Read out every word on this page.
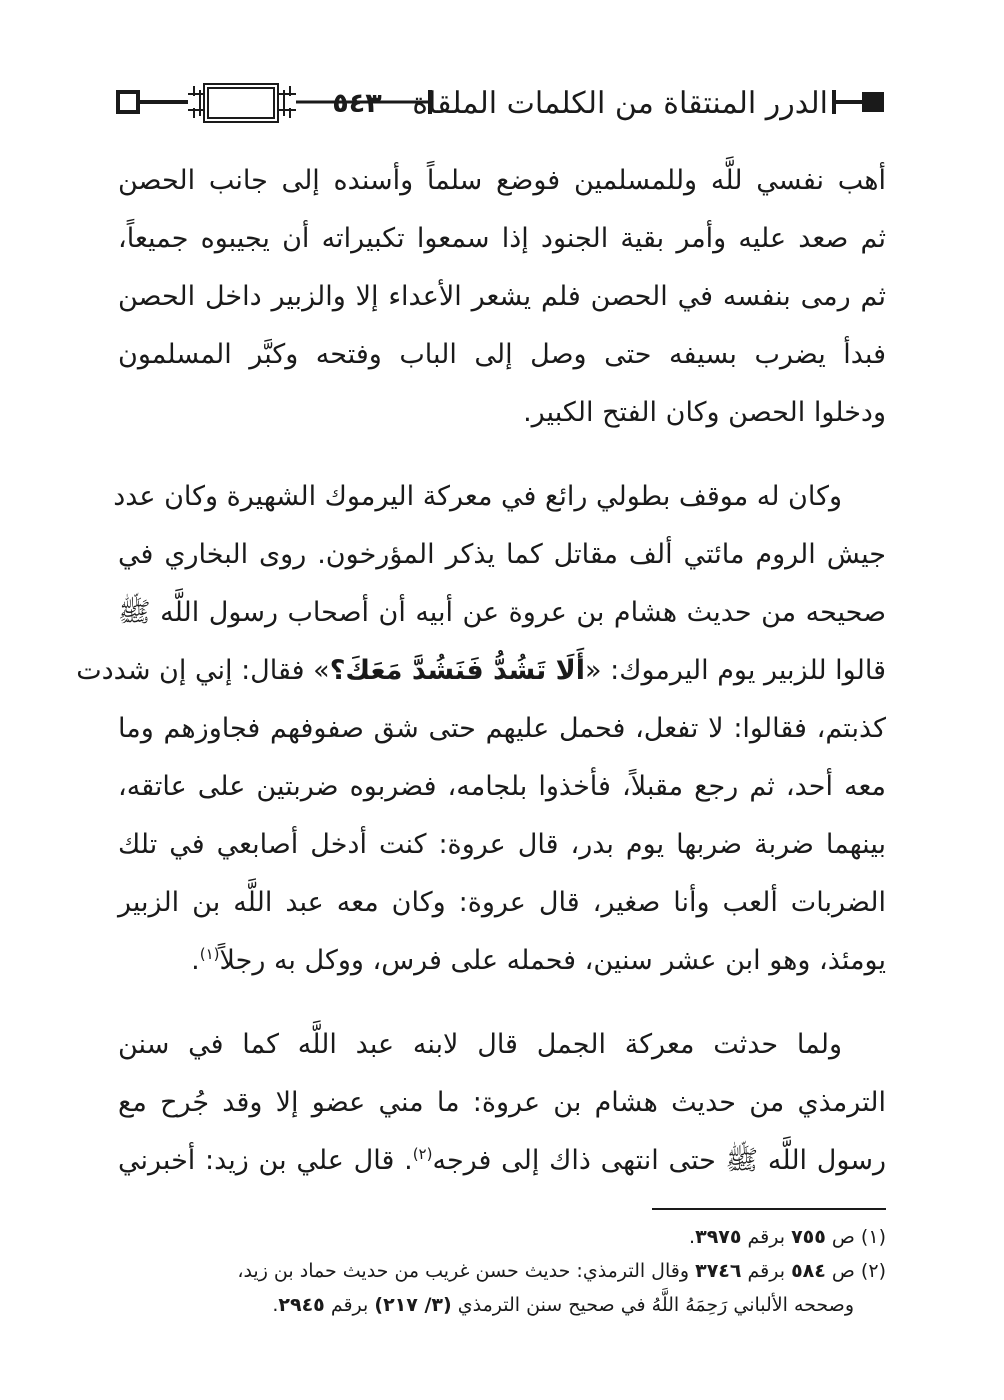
٥٤٣	الدرر المنتقاة من الكلمات الملقاة
أهب نفسي للَّه وللمسلمين فوضع سلماً وأسنده إلى جانب الحصن
ثم صعد عليه وأمر بقية الجنود إذا سمعوا تكبيراته أن يجيبوه جميعاً،
ثم رمى بنفسه في الحصن فلم يشعر الأعداء إلا والزبير داخل الحصن
فبدأ يضرب بسيفه حتى وصل إلى الباب وفتحه وكبَّر المسلمون
ودخلوا الحصن وكان الفتح الكبير.
وكان له موقف بطولي رائع في معركة اليرموك الشهيرة وكان عدد
جيش الروم مائتي ألف مقاتل كما يذكر المؤرخون. روى البخاري في
صحيحه من حديث هشام بن عروة عن أبيه أن أصحاب رسول اللَّه ﷺ
قالوا للزبير يوم اليرموك: «أَلَا تَشُدُّ فَنَشُدَّ مَعَكَ؟» فقال: إني إن شددت
كذبتم، فقالوا: لا تفعل، فحمل عليهم حتى شق صفوفهم فجاوزهم وما
معه أحد، ثم رجع مقبلاً، فأخذوا بلجامه، فضربوه ضربتين على عاتقه،
بينهما ضربة ضربها يوم بدر، قال عروة: كنت أدخل أصابعي في تلك
الضربات ألعب وأنا صغير، قال عروة: وكان معه عبد اللَّه بن الزبير
يومئذ، وهو ابن عشر سنين، فحمله على فرس، ووكل به رجلاً$^{(١)}$.
ولما حدثت معركة الجمل قال لابنه عبد اللَّه كما في سنن
الترمذي من حديث هشام بن عروة: ما مني عضو إلا وقد جُرح مع
رسول اللَّه ﷺ حتى انتهى ذاك إلى فرجه$^{(٢)}$. قال علي بن زيد: أخبرني
(١) ص ٧٥٥ برقم ٣٩٧٥.
(٢) ص ٥٨٤ برقم ٣٧٤٦ وقال الترمذي: حديث حسن غريب من حديث حماد بن زيد،
وصححه الألباني رَحِمَهُ اللَّهُ في صحيح سنن الترمذي (٣/ ٢١٧) برقم ٢٩٤٥.
